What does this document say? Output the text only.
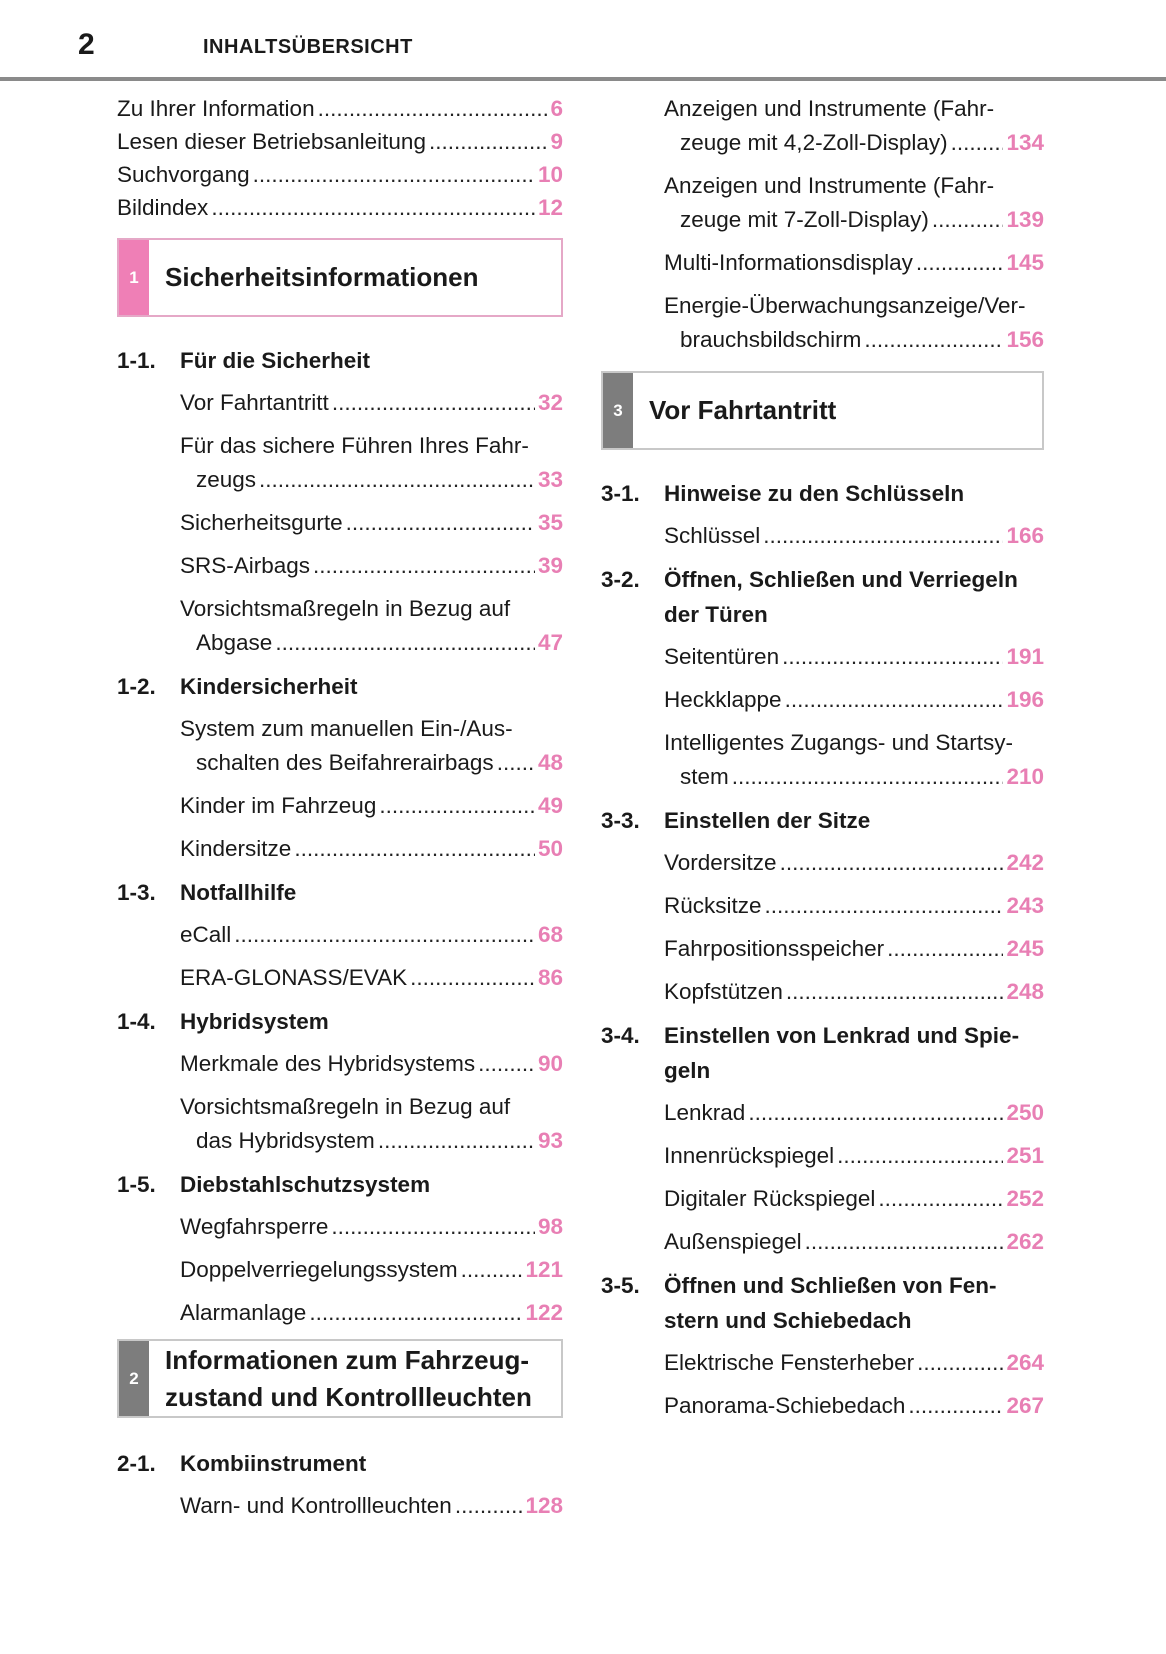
2	INHALTSÜBERSICHT
Zu Ihrer Information .....	6
Lesen dieser Betriebsanleitung .....	9
Suchvorgang .....	10
Bildindex .....	12
1	Sicherheitsinformationen
1-1.	Für die Sicherheit
Vor Fahrtantritt .....	32
Für das sichere Führen Ihres Fahr-
zeugs .....	33
Sicherheitsgurte .....	35
SRS-Airbags .....	39
Vorsichtsmaßregeln in Bezug auf
Abgase .....	47
1-2.	Kindersicherheit
System zum manuellen Ein-/Aus-
schalten des Beifahrerairbags ..... 48
Kinder im Fahrzeug .....	49
Kindersitze .....	50
1-3.	Notfallhilfe
eCall .....	68
ERA-GLONASS/EVAK .....	86
1-4.	Hybridsystem
Merkmale des Hybridsystems .....	90
Vorsichtsmaßregeln in Bezug auf
das Hybridsystem .....	93
1-5.	Diebstahlschutzsystem
Wegfahrsperre .....	98
Doppelverriegelungssystem .....	121
Alarmanlage .....	122
2
Informationen zum Fahrzeug-
zustand und Kontrollleuchten
2-1.	Kombiinstrument
Warn- und Kontrollleuchten .....	128
Anzeigen und Instrumente (Fahr-
zeuge mit 4,2-Zoll-Display) .....	134
Anzeigen und Instrumente (Fahr-
zeuge mit 7-Zoll-Display) .....	139
Multi-Informationsdisplay .....	145
Energie-Überwachungsanzeige/Ver-
brauchsbildschirm .....	156
3	Vor Fahrtantritt
3-1.	Hinweise zu den Schlüsseln
Schlüssel .....	166
3-2.	Öffnen, Schließen und Verriegeln
der Türen
Seitentüren .....	191
Heckklappe .....	196
Intelligentes Zugangs- und Startsy-
stem .....	210
3-3.	Einstellen der Sitze
Vordersitze .....	242
Rücksitze .....	243
Fahrpositionsspeicher .....	245
Kopfstützen .....	248
3-4.	Einstellen von Lenkrad und Spie-
geln
Lenkrad .....	250
Innenrückspiegel .....	251
Digitaler Rückspiegel .....	252
Außenspiegel .....	262
3-5.	Öffnen und Schließen von Fen-
stern und Schiebedach
Elektrische Fensterheber .....	264
Panorama-Schiebedach .....	267
